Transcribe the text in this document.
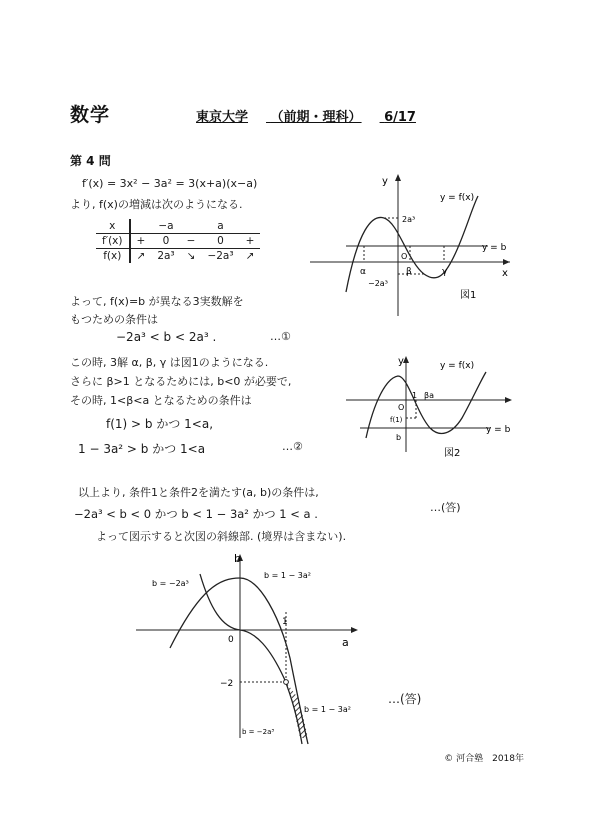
数学	東京大学 （前期・理科） 6/17
第 4 問
f′(x) = 3x² − 3a² = 3(x+a)(x−a)
より, f(x)の増減は次のようになる.
x		−a		a	
f′(x)	+	0	−	0	+
f(x)	↗	2a³	↘	−2a³	↗
よって, f(x)=b が異なる3実数解を
もつための条件は
−2a³ < b < 2a³ .	…①
この時, 3解 α, β, γ は図1のようになる.
さらに β>1 となるためには, b<0 が必要で,
その時, 1<β<a となるための条件は
f(1) > b かつ 1<a,
1 − 3a² > b かつ 1<a	…②
以上より, 条件1と条件2を満たす(a, b)の条件は,
−2a³ < b < 0 かつ b < 1 − 3a² かつ 1 < a .	…(答)
よって図示すると次図の斜線部. (境界は含まない).
…(答)
y
x
y = f(x)
y = b
2a³
−2a³
O
α	β	γ
図1
y	y = f(x)
1 βa
O
f(1)
b
y = b
図2
b
a
b = −2a³
b = 1 − 3a²
0
1
−2
b = 1 − 3a²
b = −2a³
© 河合塾　2018年
